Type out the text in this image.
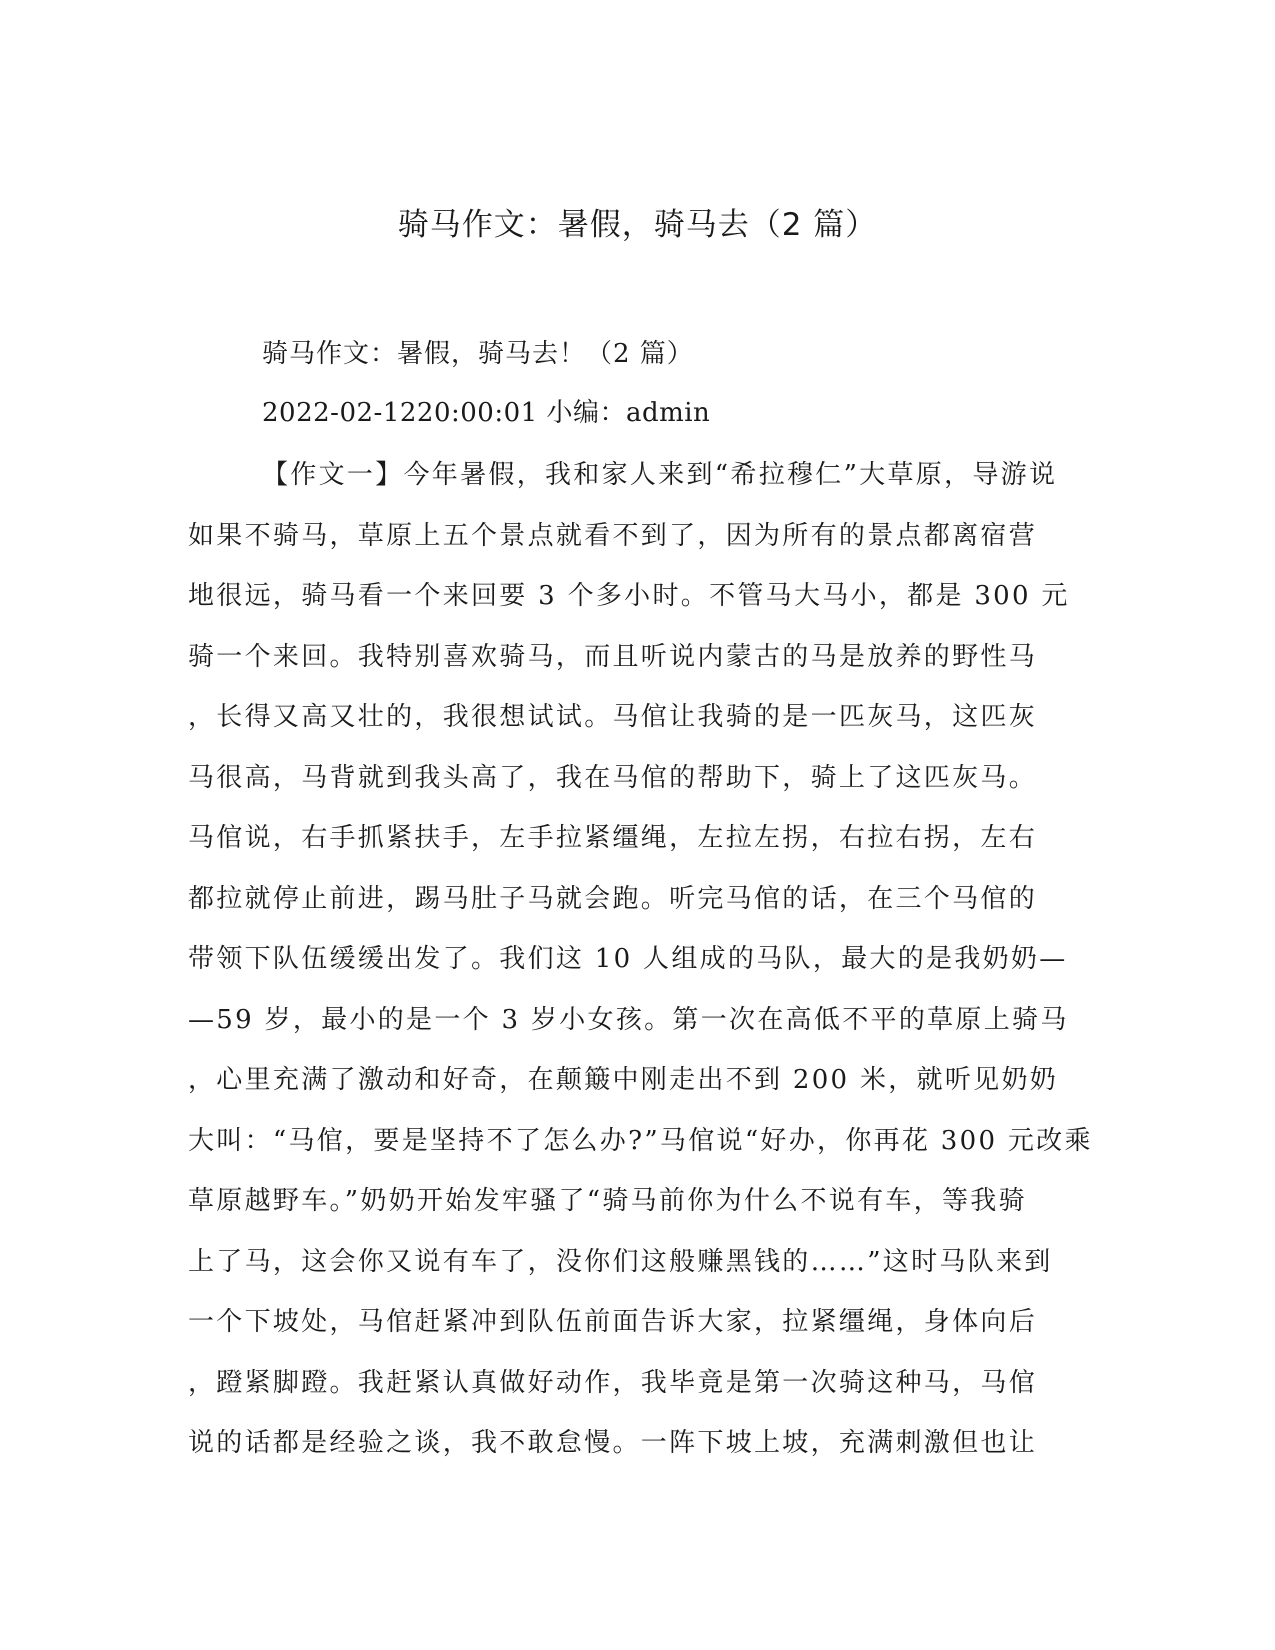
骑马作文：暑假，骑马去（2 篇）
骑马作文：暑假，骑马去！（2 篇）
2022-02-1220:00:01 小编：admin
【作文一】今年暑假，我和家人来到“希拉穆仁”大草原，导游说
如果不骑马，草原上五个景点就看不到了，因为所有的景点都离宿营
地很远，骑马看一个来回要 3 个多小时。不管马大马小，都是 300 元
骑一个来回。我特别喜欢骑马，而且听说内蒙古的马是放养的野性马
，长得又高又壮的，我很想试试。马倌让我骑的是一匹灰马，这匹灰
马很高，马背就到我头高了，我在马倌的帮助下，骑上了这匹灰马。
马倌说，右手抓紧扶手，左手拉紧缰绳，左拉左拐，右拉右拐，左右
都拉就停止前进，踢马肚子马就会跑。听完马倌的话，在三个马倌的
带领下队伍缓缓出发了。我们这 10 人组成的马队，最大的是我奶奶—
—59 岁，最小的是一个 3 岁小女孩。第一次在高低不平的草原上骑马
，心里充满了激动和好奇，在颠簸中刚走出不到 200 米，就听见奶奶
大叫：“马倌，要是坚持不了怎么办?”马倌说“好办，你再花 300 元改乘
草原越野车。”奶奶开始发牢骚了“骑马前你为什么不说有车，等我骑
上了马，这会你又说有车了，没你们这般赚黑钱的……”这时马队来到
一个下坡处，马倌赶紧冲到队伍前面告诉大家，拉紧缰绳，身体向后
，蹬紧脚蹬。我赶紧认真做好动作，我毕竟是第一次骑这种马，马倌
说的话都是经验之谈，我不敢怠慢。一阵下坡上坡，充满刺激但也让
